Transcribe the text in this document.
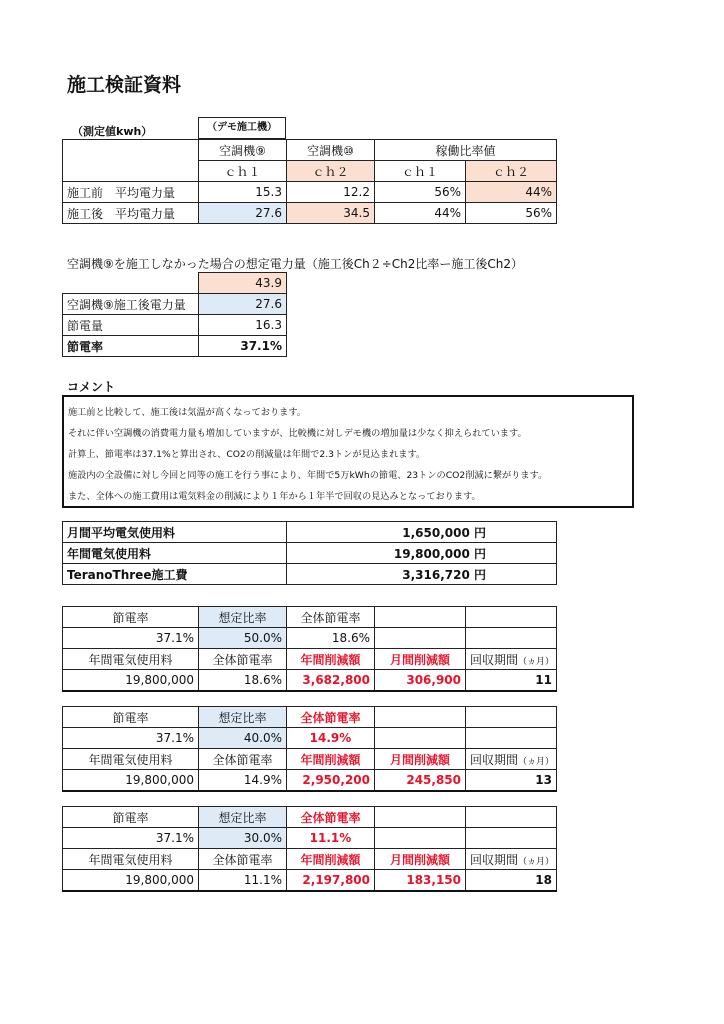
施工検証資料
（測定値kwh）	（デモ施工機）
	空調機⑨	空調機⑩	稼働比率値	
	ｃｈ１	ｃｈ２	ｃｈ１	ｃｈ２
施工前　平均電力量	15.3	12.2	56%	44%
施工後　平均電力量	27.6	34.5	44%	56%
空調機⑨を施工しなかった場合の想定電力量（施工後Ch２÷Ch2比率ー施工後Ch2）
	43.9
空調機⑨施工後電力量	27.6
節電量	16.3
節電率	37.1%
コメント
施工前と比較して、施工後は気温が高くなっております。
それに伴い空調機の消費電力量も増加していますが、比較機に対しデモ機の増加量は少なく抑えられています。
計算上、節電率は37.1%と算出され、CO2の削減量は年間で2.3トンが見込まれます。
施設内の全設備に対し今回と同等の施工を行う事により、年間で5万kWhの節電、23トンのCO2削減に繋がります。
また、全体への施工費用は電気料金の削減により１年から１年半で回収の見込みとなっております。
月間平均電気使用料	1,650,000 円
年間電気使用料	19,800,000 円
TeranoThree施工費	3,316,720 円
節電率	想定比率	全体節電率		
37.1%	50.0%	18.6%		
年間電気使用料	全体節電率	年間削減額	月間削減額	回収期間（ヵ月）
19,800,000	18.6%	3,682,800	306,900	11
節電率	想定比率	全体節電率		
37.1%	40.0%	14.9%		
年間電気使用料	全体節電率	年間削減額	月間削減額	回収期間（ヵ月）
19,800,000	14.9%	2,950,200	245,850	13
節電率	想定比率	全体節電率		
37.1%	30.0%	11.1%		
年間電気使用料	全体節電率	年間削減額	月間削減額	回収期間（ヵ月）
19,800,000	11.1%	2,197,800	183,150	18
